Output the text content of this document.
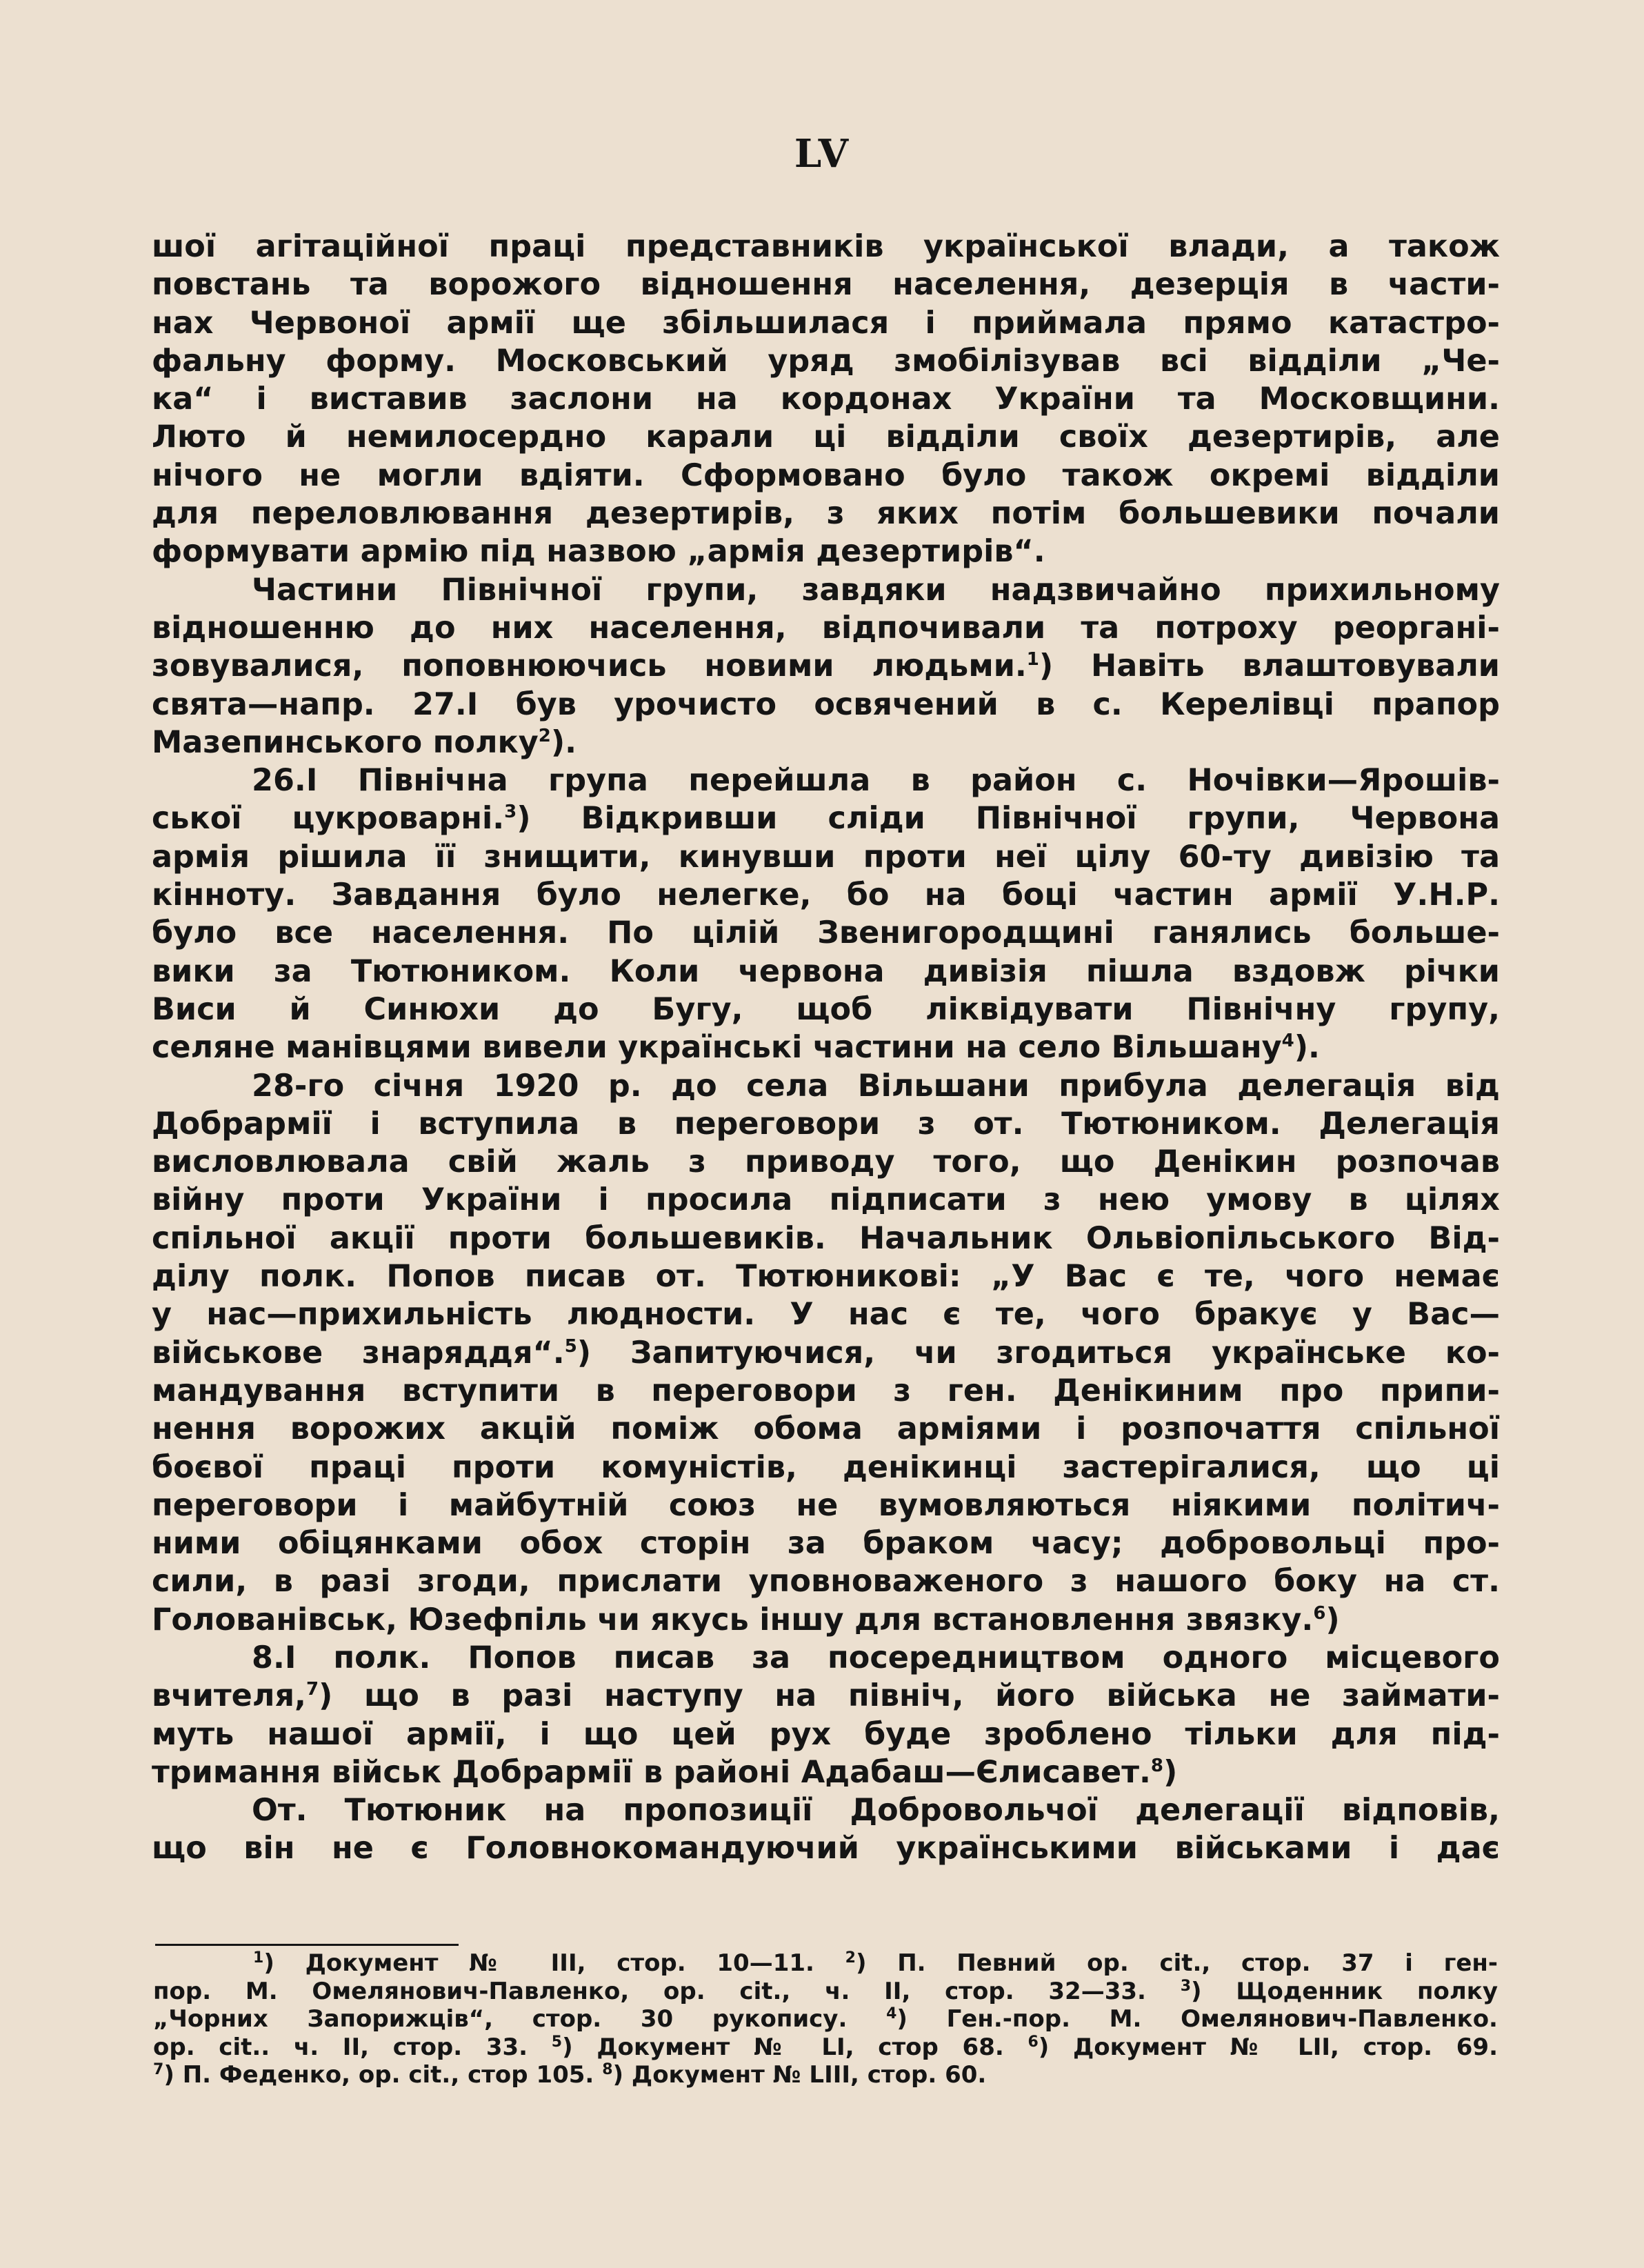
LV
шої агітаційної праці представників української влади, а також
повстань та ворожого відношення населення, дезерція в части-
нах Червоної армії ще збільшилася і приймала прямо катастро-
фальну форму. Московський уряд змобілізував всі відділи „Че-
ка“ і виставив заслони на кордонах України та Московщини.
Люто й немилосердно карали ці відділи своїх дезертирів, але
нічого не могли вдіяти. Сформовано було також окремі відділи
для переловлювання дезертирів, з яких потім большевики почали
формувати армію під назвою „армія дезертирів“.
Частини Північної групи, завдяки надзвичайно прихильному
відношенню до них населення, відпочивали та потроху реоргані-
зовувалися, поповнюючись новими людьми.$^1$) Навіть влаштовували
свята—напр. 27.І був урочисто освячений в с. Керелівці прапор
Мазепинського полку$^2$).
26.І Північна група перейшла в район с. Ночівки—Ярошів-
ської цукроварні.$^3$) Відкривши сліди Північної групи, Червона
армія рішила її знищити, кинувши проти неї цілу 60-ту дивізію та
кінноту. Завдання було нелегке, бо на боці частин армії У.Н.Р.
було все населення. По цілій Звенигородщині ганялись больше-
вики за Тютюником. Коли червона дивізія пішла вздовж річки
Виси й Синюхи до Бугу, щоб ліквідувати Північну групу,
селяне манівцями вивели українські частини на село Вільшану$^4$).
28-го січня 1920 р. до села Вільшани прибула делегація від
Добрармії і вступила в переговори з от. Тютюником. Делегація
висловлювала свій жаль з приводу того, що Денікин розпочав
війну проти України і просила підписати з нею умову в цілях
спільної акції проти большевиків. Начальник Ольвіопільського Від-
ділу полк. Попов писав от. Тютюникові: „У Вас є те, чого немає
у нас—прихильність людности. У нас є те, чого бракує у Вас—
військове знаряддя“.$^5$) Запитуючися, чи згодиться українське ко-
мандування вступити в переговори з ген. Денікиним про припи-
нення ворожих акцій поміж обома арміями і розпочаття спільної
боєвої праці проти комуністів, денікинці застерігалися, що ці
переговори і майбутній союз не вумовляються ніякими політич-
ними обіцянками обох сторін за браком часу; добровольці про-
сили, в разі згоди, прислати уповноваженого з нашого боку на ст.
Голованівськ, Юзефпіль чи якусь іншу для встановлення звязку.$^6$)
8.І полк. Попов писав за посередництвом одного місцевого
вчителя,$^7$) що в разі наступу на північ, його війська не займати-
муть нашої армії, і що цей рух буде зроблено тільки для під-
тримання військ Добрармії в районі Адабаш—Єлисавет.$^8$)
От. Тютюник на пропозиції Добровольчої делегації відповів,
що він не є Головнокомандуючий українськими військами і дає
$^1$) Документ № III, стор. 10—11. $^2$) П. Певний ор. cit., стор. 37 і ген-
пор. М. Омелянович-Павленко, ор. cit., ч. II, стор. 32—33. $^3$) Щоденник полку
„Чорних Запорижців“, стор. 30 рукопису.	$^4$) Ген.-пор. М. Омелянович-Павленко.
ор. cit.. ч. II, стор. 33. $^5$) Документ № LI, стор 68. $^6$) Документ № LII, стор. 69.
$^7$) П. Феденко, ор. cit., стор 105. $^8$) Документ № LIII, стор. 60.
